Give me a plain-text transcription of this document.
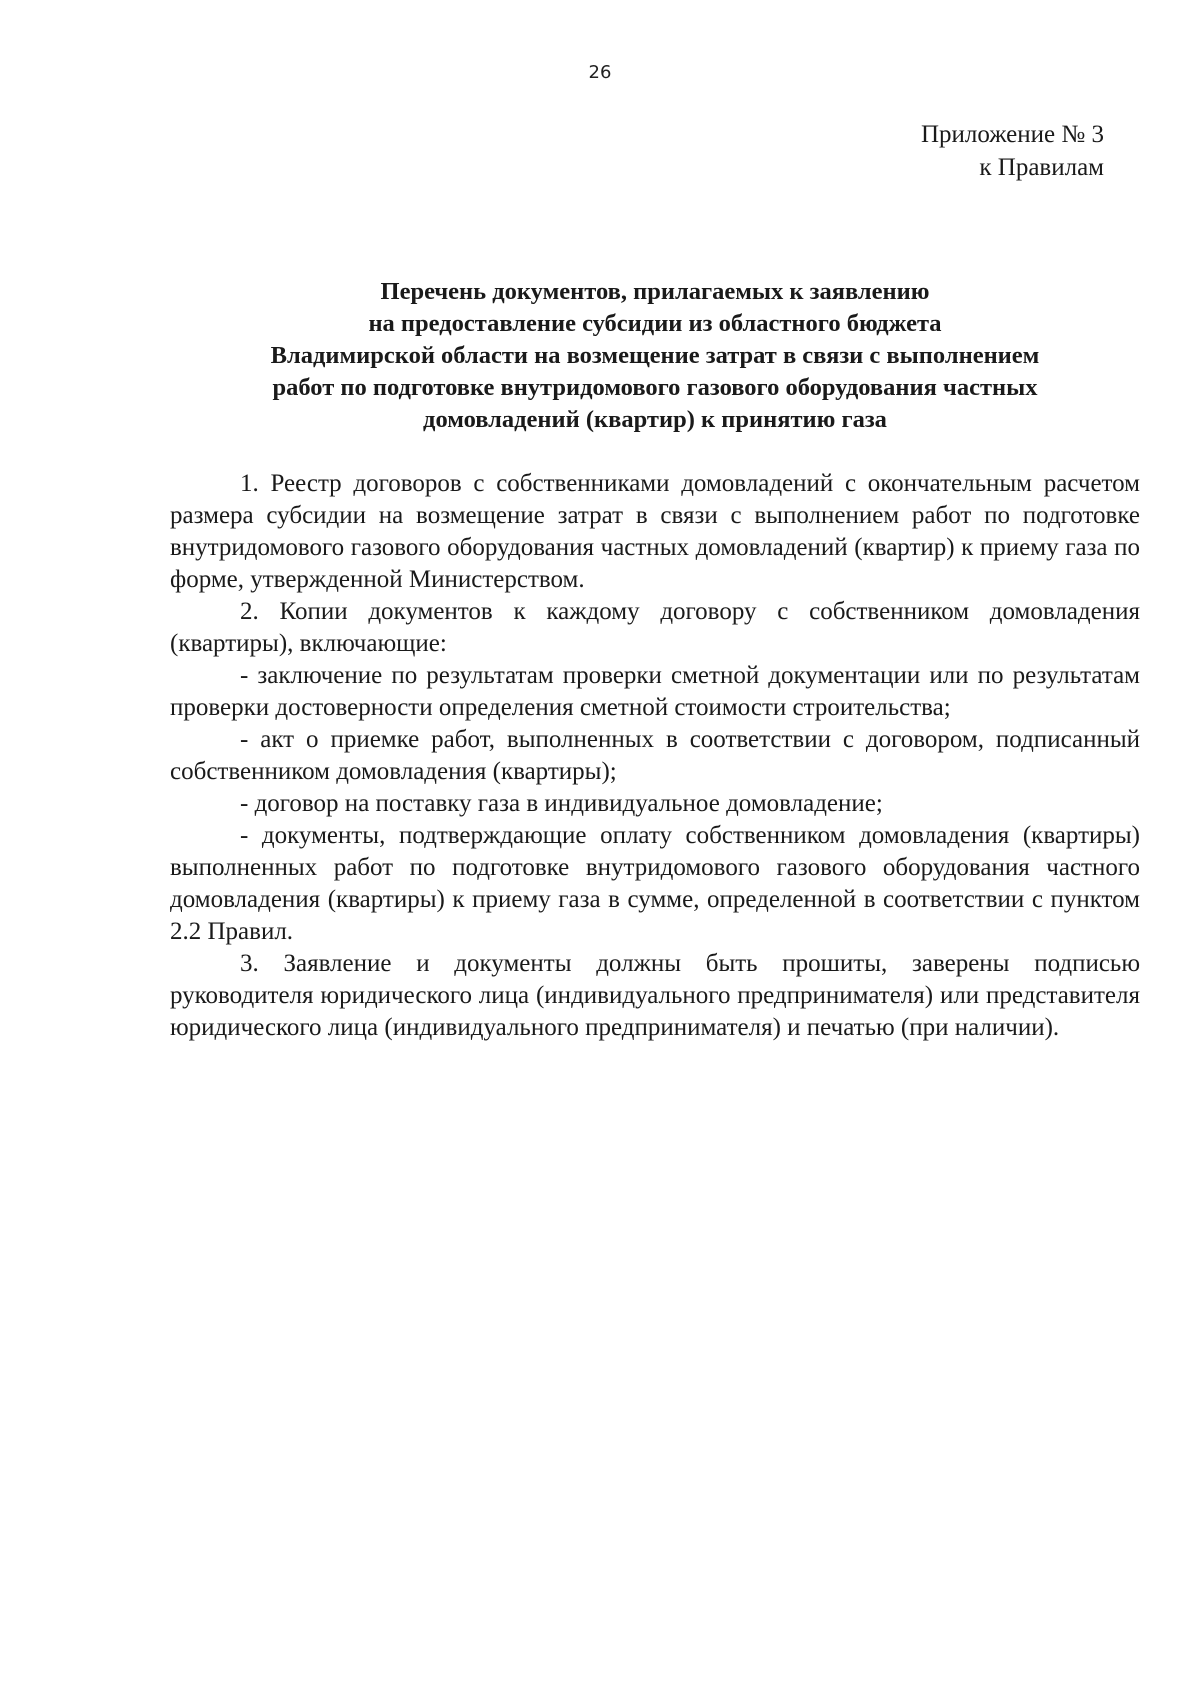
26
Приложение № 3
к Правилам
Перечень документов, прилагаемых к заявлению
на предоставление субсидии из областного бюджета
Владимирской области на возмещение затрат в связи с выполнением
работ по подготовке внутридомового газового оборудования частных
домовладений (квартир) к принятию газа

1. Реестр договоров с собственниками домовладений с окончательным расчетом размера субсидии на возмещение затрат в связи с выполнением работ по подготовке внутридомового газового оборудования частных домовладений (квартир) к приему газа по форме, утвержденной Министерством.

2. Копии документов к каждому договору с собственником домовладения (квартиры), включающие:

- заключение по результатам проверки сметной документации или по результатам проверки достоверности определения сметной стоимости строительства;

- акт о приемке работ, выполненных в соответствии с договором, подписанный собственником домовладения (квартиры);

- договор на поставку газа в индивидуальное домовладение;

- документы, подтверждающие оплату собственником домовладения (квартиры) выполненных работ по подготовке внутридомового газового оборудования частного домовладения (квартиры) к приему газа в сумме, определенной в соответствии с пунктом 2.2 Правил.

3. Заявление и документы должны быть прошиты, заверены подписью руководителя юридического лица (индивидуального предпринимателя) или представителя юридического лица (индивидуального предпринимателя) и печатью (при наличии).
